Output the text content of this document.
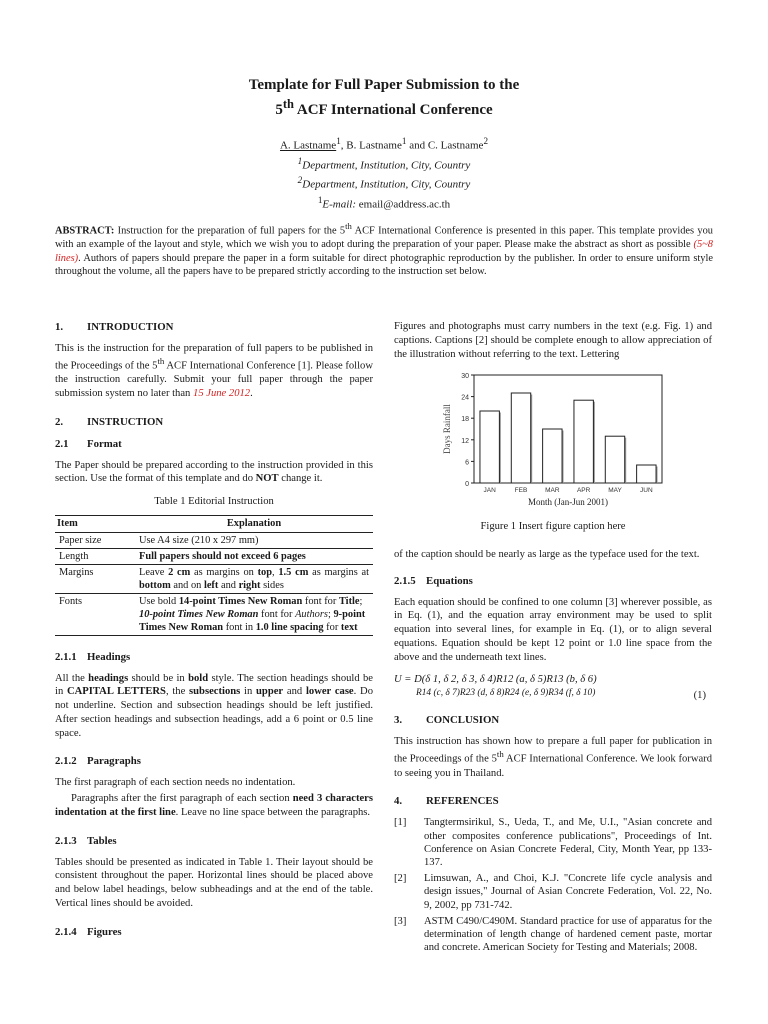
Template for Full Paper Submission to the
5th ACF International Conference
A. Lastname$^1$, B. Lastname$^1$ and C. Lastname$^2$
$^1$Department, Institution, City, Country
$^2$Department, Institution, City, Country
$^1$E-mail: email@address.ac.th
ABSTRACT: Instruction for the preparation of full papers for the 5th ACF International Conference is presented in this paper. This template provides you with an example of the layout and style, which we wish you to adopt during the preparation of your paper. Please make the abstract as short as possible (5~8 lines). Authors of papers should prepare the paper in a form suitable for direct photographic reproduction by the publisher. In order to ensure uniform style throughout the volume, all the papers have to be prepared strictly according to the instruction set below.
1. INTRODUCTION

This is the instruction for the preparation of full papers to be published in the Proceedings of the 5th ACF International Conference [1]. Please follow the instruction carefully. Submit your full paper through the paper submission system no later than 15 June 2012.

2. INSTRUCTION
2.1 Format

The Paper should be prepared according to the instruction provided in this section. Use the format of this template and do NOT change it.

Table 1 Editorial Instruction
Item	Explanation
Paper size	Use A4 size (210 x 297 mm)
Length	Full papers should not exceed 6 pages
Margins	Leave 2 cm as margins on top, 1.5 cm as margins at bottom and on left and right sides
Fonts	Use bold 14-point Times New Roman font for Title; 10-point Times New Roman font for Authors; 9-point Times New Roman font in 1.0 line spacing for text
2.1.1 Headings

All the headings should be in bold style. The section headings should be in CAPITAL LETTERS, the subsections in upper and lower case. Do not underline. Section and subsection headings should be left justified. After section headings and subsection headings, add a 6 point or 0.5 line space.

2.1.2 Paragraphs

The first paragraph of each section needs no indentation.

Paragraphs after the first paragraph of each section need 3 characters indentation at the first line. Leave no line space between the paragraphs.

2.1.3 Tables

Tables should be presented as indicated in Table 1. Their layout should be consistent throughout the paper. Horizontal lines should be placed above and below label headings, below subheadings and at the end of the table. Vertical lines should be avoided.

2.1.4 Figures

Figures and photographs must carry numbers in the text (e.g. Fig. 1) and captions. Captions [2] should be complete enough to allow appreciation of the illustration without referring to the text. Lettering

0
6
12
18
24
30
JAN	FEB	MAR	APR	MAY	JUN
Days Rainfall
Month (Jan-Jun 2001)
Figure 1 Insert figure caption here

of the caption should be nearly as large as the typeface used for the text.

2.1.5 Equations

Each equation should be confined to one column [3] wherever possible, as in Eq. (1), and the equation array environment may be used to split equation into several lines, for example in Eq. (1), or to align several equations. Equation should be kept 12 point or 1.0 line space from the above and the underneath text lines.

U = D(δ 1, δ 2, δ 3, δ 4)R12 (a, δ 5)R13 (b, δ 6)
R14 (c, δ 7)R23 (d, δ 8)R24 (e, δ 9)R34 (f, δ 10)	(1)
3. CONCLUSION

This instruction has shown how to prepare a full paper for publication in the Proceedings of the 5th ACF International Conference. We look forward to seeing you in Thailand.

4. REFERENCES
[1] Tangtermsirikul, S., Ueda, T., and Me, U.I., "Asian concrete and other composites conference publications", Proceedings of Int. Conference on Asian Concrete Federal, City, Month Year, pp 133-137.
[2] Limsuwan, A., and Choi, K.J. "Concrete life cycle analysis and design issues," Journal of Asian Concrete Federation, Vol. 22, No. 9, 2002, pp 731-742.
[3] ASTM C490/C490M. Standard practice for use of apparatus for the determination of length change of hardened cement paste, mortar and concrete. American Society for Testing and Materials; 2008.
